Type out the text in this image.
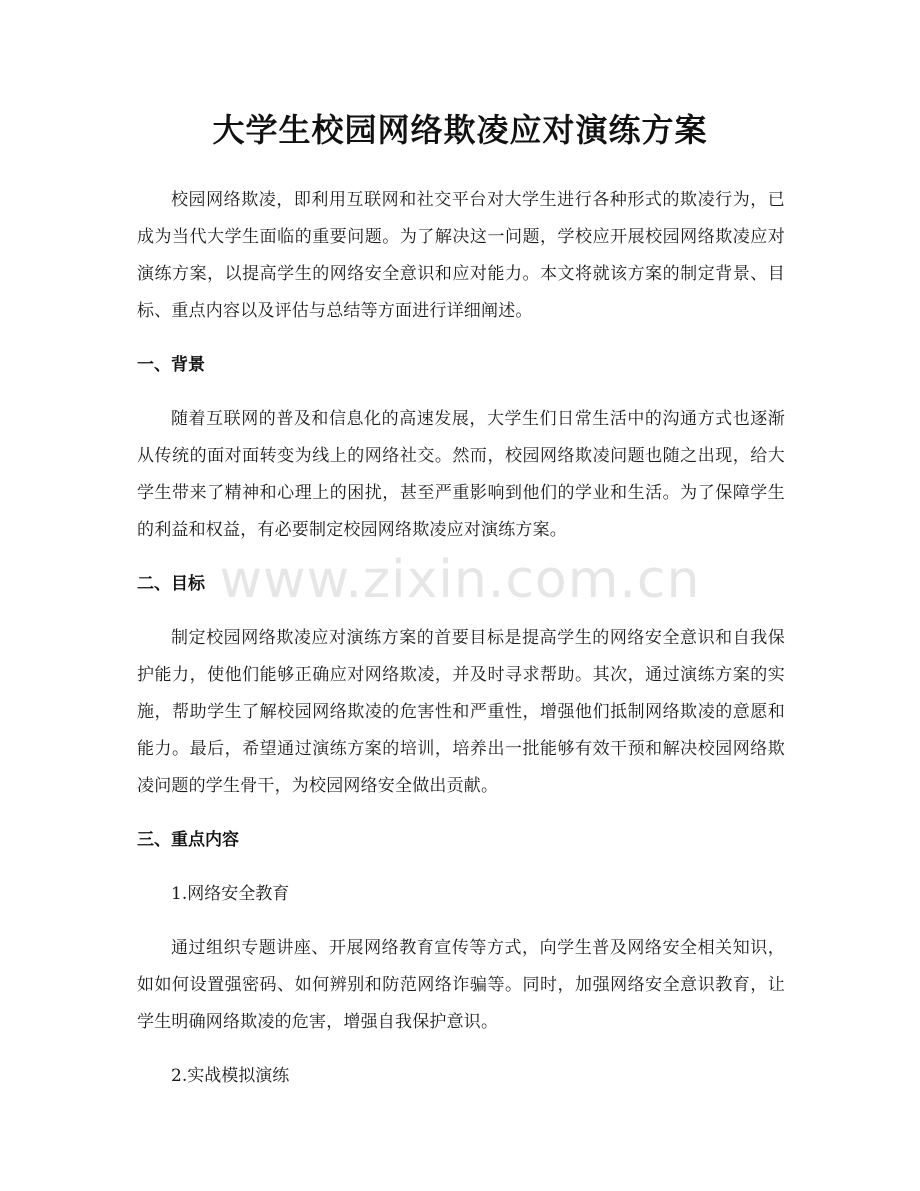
大学生校园网络欺凌应对演练方案

校园网络欺凌，即利用互联网和社交平台对大学生进行各种形式的欺凌行为，已成为当代大学生面临的重要问题。为了解决这一问题，学校应开展校园网络欺凌应对演练方案，以提高学生的网络安全意识和应对能力。本文将就该方案的制定背景、目标、重点内容以及评估与总结等方面进行详细阐述。

一、背景

随着互联网的普及和信息化的高速发展，大学生们日常生活中的沟通方式也逐渐从传统的面对面转变为线上的网络社交。然而，校园网络欺凌问题也随之出现，给大学生带来了精神和心理上的困扰，甚至严重影响到他们的学业和生活。为了保障学生的利益和权益，有必要制定校园网络欺凌应对演练方案。

二、目标

制定校园网络欺凌应对演练方案的首要目标是提高学生的网络安全意识和自我保护能力，使他们能够正确应对网络欺凌，并及时寻求帮助。其次，通过演练方案的实施，帮助学生了解校园网络欺凌的危害性和严重性，增强他们抵制网络欺凌的意愿和能力。最后，希望通过演练方案的培训，培养出一批能够有效干预和解决校园网络欺凌问题的学生骨干，为校园网络安全做出贡献。

三、重点内容

1.网络安全教育

通过组织专题讲座、开展网络教育宣传等方式，向学生普及网络安全相关知识，如如何设置强密码、如何辨别和防范网络诈骗等。同时，加强网络安全意识教育，让学生明确网络欺凌的危害，增强自我保护意识。

2.实战模拟演练

www.zixin.com.cn
